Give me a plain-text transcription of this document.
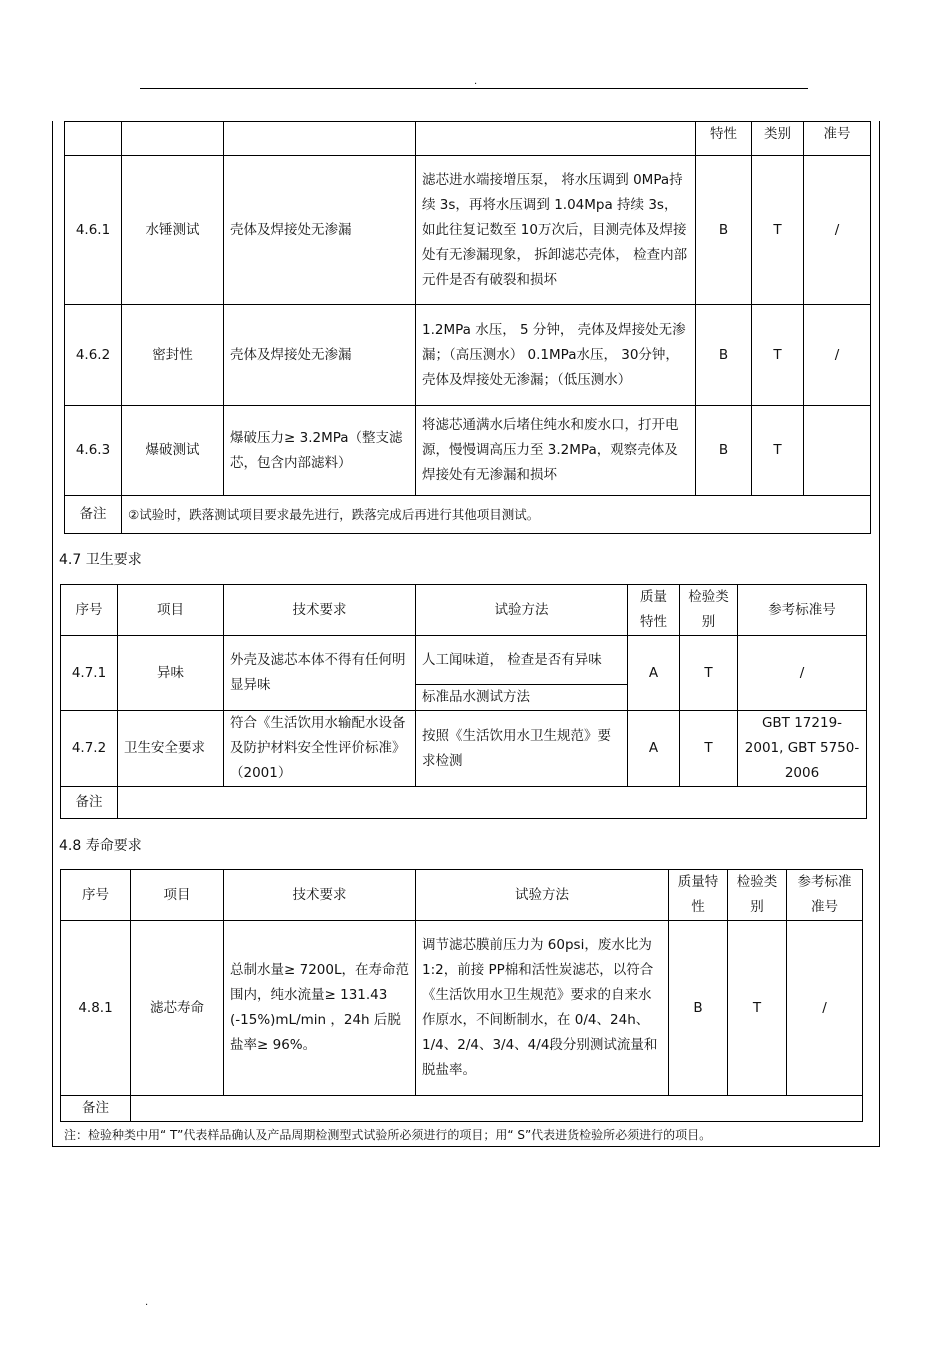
.
				特性	类别	准号
4.6.1	水锤测试	壳体及焊接处无渗漏	滤芯进水端接增压泵， 将水压调到 0MPa持续 3s，再将水压调到 1.04Mpa 持续 3s，如此往复记数至 10万次后，目测壳体及焊接处有无渗漏现象， 拆卸滤芯壳体， 检查内部元件是否有破裂和损坏	B	T	/
4.6.2	密封性	壳体及焊接处无渗漏	1.2MPa 水压， 5 分钟， 壳体及焊接处无渗漏；（高压测水） 0.1MPa水压， 30分钟， 壳体及焊接处无渗漏；（低压测水）	B	T	/
4.6.3	爆破测试	爆破压力≥ 3.2MPa（整支滤芯，包含内部滤料）	将滤芯通满水后堵住纯水和废水口，打开电源，慢慢调高压力至 3.2MPa，观察壳体及焊接处有无渗漏和损坏	B	T	
备注	②试验时，跌落测试项目要求最先进行，跌落完成后再进行其他项目测试。					
4.7 卫生要求
序号	项目	技术要求	试验方法	质量特性	检验类别	参考标准号
4.7.1	异味	外壳及滤芯本体不得有任何明显异味	人工闻味道， 检查是否有异味	A	T	/
			标准品水测试方法			
4.7.2	卫生安全要求	符合《生活饮用水输配水设备及防护材料安全性评价标准》（2001）	按照《生活饮用水卫生规范》要求检测	A	T	GBT 17219-2001, GBT 5750-2006
备注						
4.8 寿命要求
序号	项目	技术要求	试验方法	质量特性	检验类别	参考标准准号
4.8.1	滤芯寿命	总制水量≥ 7200L，在寿命范围内，纯水流量≥ 131.43 (-15%)mL/min ，24h 后脱盐率≥ 96%。	调节滤芯膜前压力为 60psi，废水比为 1:2，前接 PP棉和活性炭滤芯，以符合《生活饮用水卫生规范》要求的自来水作原水，不间断制水，在 0/4、24h、1/4、2/4、3/4、4/4段分别测试流量和脱盐率。	B	T	/
备注						
注：检验种类中用“ T”代表样品确认及产品周期检测型式试验所必须进行的项目；用“ S”代表进货检验所必须进行的项目。
.
